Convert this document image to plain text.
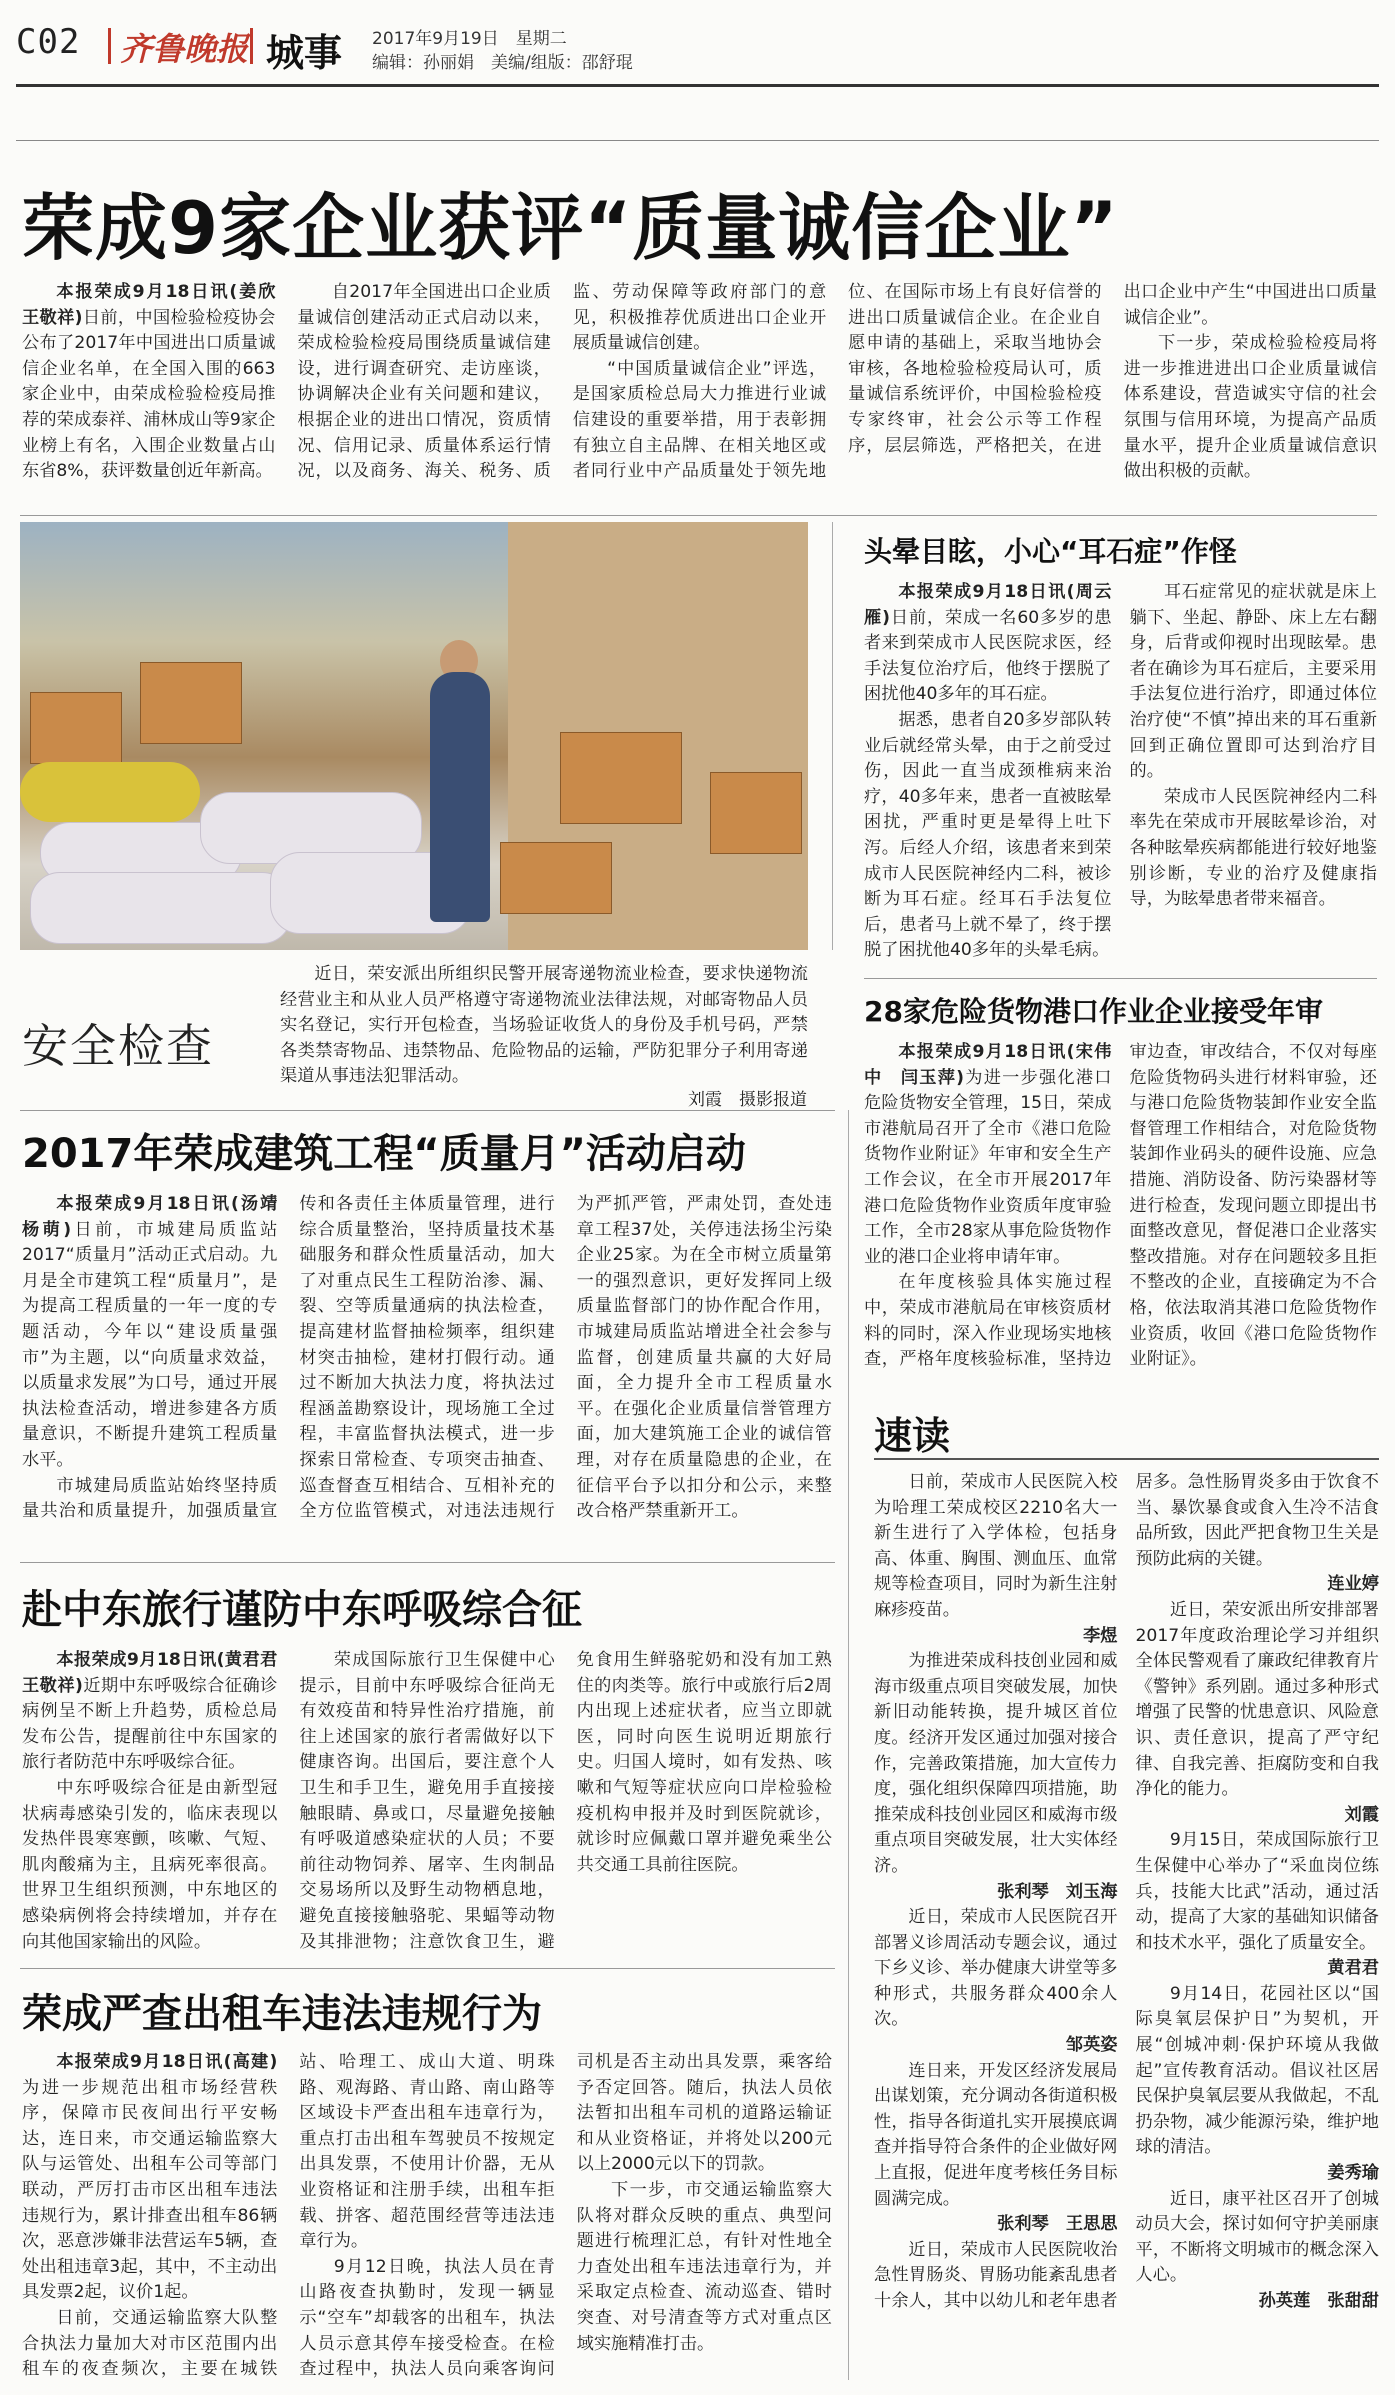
C02 齐鲁晚报 城事 2017年9月19日　星期二
编辑：孙丽娟　美编/组版：邵舒琨
荣成9家企业获评“质量诚信企业”

本报荣成9月18日讯(姜欣　王敬祥)日前，中国检验检疫协会公布了2017年中国进出口质量诚信企业名单，在全国入围的663家企业中，由荣成检验检疫局推荐的荣成泰祥、浦林成山等9家企业榜上有名，入围企业数量占山东省8%，获评数量创近年新高。

自2017年全国进出口企业质量诚信创建活动正式启动以来，荣成检验检疫局围绕质量诚信建设，进行调查研究、走访座谈，协调解决企业有关问题和建议，根据企业的进出口情况，资质情况、信用记录、质量体系运行情况，以及商务、海关、税务、质监、劳动保障等政府部门的意见，积极推荐优质进出口企业开展质量诚信创建。

“中国质量诚信企业”评选，是国家质检总局大力推进行业诚信建设的重要举措，用于表彰拥有独立自主品牌、在相关地区或者同行业中产品质量处于领先地位、在国际市场上有良好信誉的进出口质量诚信企业。在企业自愿申请的基础上，采取当地协会审核，各地检验检疫局认可，质量诚信系统评价，中国检验检疫专家终审，社会公示等工作程序，层层筛选，严格把关，在进出口企业中产生“中国进出口质量诚信企业”。

下一步，荣成检验检疫局将进一步推进进出口企业质量诚信体系建设，营造诚实守信的社会氛围与信用环境，为提高产品质量水平，提升企业质量诚信意识做出积极的贡献。

安全检查

近日，荣安派出所组织民警开展寄递物流业检查，要求快递物流经营业主和从业人员严格遵守寄递物流业法律法规，对邮寄物品人员实名登记，实行开包检查，当场验证收货人的身份及手机号码，严禁各类禁寄物品、违禁物品、危险物品的运输，严防犯罪分子利用寄递渠道从事违法犯罪活动。

刘霞　摄影报道
头晕目眩，小心“耳石症”作怪

本报荣成9月18日讯(周云雁)日前，荣成一名60多岁的患者来到荣成市人民医院求医，经手法复位治疗后，他终于摆脱了困扰他40多年的耳石症。

据悉，患者自20多岁部队转业后就经常头晕，由于之前受过伤，因此一直当成颈椎病来治疗，40多年来，患者一直被眩晕困扰，严重时更是晕得上吐下泻。后经人介绍，该患者来到荣成市人民医院神经内二科，被诊断为耳石症。经耳石手法复位后，患者马上就不晕了，终于摆脱了困扰他40多年的头晕毛病。

耳石症常见的症状就是床上躺下、坐起、静卧、床上左右翻身，后背或仰视时出现眩晕。患者在确诊为耳石症后，主要采用手法复位进行治疗，即通过体位治疗使“不慎”掉出来的耳石重新回到正确位置即可达到治疗目的。

荣成市人民医院神经内二科率先在荣成市开展眩晕诊治，对各种眩晕疾病都能进行较好地鉴别诊断，专业的治疗及健康指导，为眩晕患者带来福音。

28家危险货物港口作业企业接受年审

本报荣成9月18日讯(宋伟中　闫玉萍)为进一步强化港口危险货物安全管理，15日，荣成市港航局召开了全市《港口危险货物作业附证》年审和安全生产工作会议，在全市开展2017年港口危险货物作业资质年度审验工作，全市28家从事危险货物作业的港口企业将申请年审。

在年度核验具体实施过程中，荣成市港航局在审核资质材料的同时，深入作业现场实地核查，严格年度核验标准，坚持边审边查，审改结合，不仅对每座危险货物码头进行材料审验，还与港口危险货物装卸作业安全监督管理工作相结合，对危险货物装卸作业码头的硬件设施、应急措施、消防设备、防污染器材等进行检查，发现问题立即提出书面整改意见，督促港口企业落实整改措施。对存在问题较多且拒不整改的企业，直接确定为不合格，依法取消其港口危险货物作业资质，收回《港口危险货物作业附证》。

2017年荣成建筑工程“质量月”活动启动

本报荣成9月18日讯(汤靖　杨萌)日前，市城建局质监站2017“质量月”活动正式启动。九月是全市建筑工程“质量月”，是为提高工程质量的一年一度的专题活动，今年以“建设质量强市”为主题，以“向质量求效益，以质量求发展”为口号，通过开展执法检查活动，增进参建各方质量意识，不断提升建筑工程质量水平。

市城建局质监站始终坚持质量共治和质量提升，加强质量宣传和各责任主体质量管理，进行综合质量整治，坚持质量技术基础服务和群众性质量活动，加大了对重点民生工程防治渗、漏、裂、空等质量通病的执法检查，提高建材监督抽检频率，组织建材突击抽检，建材打假行动。通过不断加大执法力度，将执法过程涵盖勘察设计，现场施工全过程，丰富监督执法模式，进一步探索日常检查、专项突击抽查、巡查督查互相结合、互相补充的全方位监管模式，对违法违规行为严抓严管，严肃处罚，查处违章工程37处，关停违法扬尘污染企业25家。为在全市树立质量第一的强烈意识，更好发挥同上级质量监督部门的协作配合作用，市城建局质监站增进全社会参与监督，创建质量共赢的大好局面，全力提升全市工程质量水平。在强化企业质量信誉管理方面，加大建筑施工企业的诚信管理，对存在质量隐患的企业，在征信平台予以扣分和公示，来整改合格严禁重新开工。

赴中东旅行谨防中东呼吸综合征

本报荣成9月18日讯(黄君君　王敬祥)近期中东呼吸综合征确诊病例呈不断上升趋势，质检总局发布公告，提醒前往中东国家的旅行者防范中东呼吸综合征。

中东呼吸综合征是由新型冠状病毒感染引发的，临床表现以发热伴畏寒寒颤，咳嗽、气短、肌肉酸痛为主，且病死率很高。世界卫生组织预测，中东地区的感染病例将会持续增加，并存在向其他国家输出的风险。

荣成国际旅行卫生保健中心提示，目前中东呼吸综合征尚无有效疫苗和特异性治疗措施，前往上述国家的旅行者需做好以下健康咨询。出国后，要注意个人卫生和手卫生，避免用手直接接触眼睛、鼻或口，尽量避免接触有呼吸道感染症状的人员；不要前往动物饲养、屠宰、生肉制品交易场所以及野生动物栖息地，避免直接接触骆驼、果蝠等动物及其排泄物；注意饮食卫生，避免食用生鲜骆驼奶和没有加工熟住的肉类等。旅行中或旅行后2周内出现上述症状者，应当立即就医，同时向医生说明近期旅行史。归国人境时，如有发热、咳嗽和气短等症状应向口岸检验检疫机构申报并及时到医院就诊，就诊时应佩戴口罩并避免乘坐公共交通工具前往医院。

荣成严查出租车违法违规行为

本报荣成9月18日讯(高建)为进一步规范出租市场经营秩序，保障市民夜间出行平安畅达，连日来，市交通运输监察大队与运管处、出租车公司等部门联动，严厉打击市区出租车违法违规行为，累计排查出租车86辆次，恶意涉嫌非法营运车5辆，查处出租违章3起，其中，不主动出具发票2起，议价1起。

日前，交通运输监察大队整合执法力量加大对市区范围内出租车的夜查频次，主要在城铁站、哈理工、成山大道、明珠路、观海路、青山路、南山路等区域设卡严查出租车违章行为，重点打击出租车驾驶员不按规定出具发票，不使用计价器，无从业资格证和注册手续，出租车拒载、拼客、超范围经营等违法违章行为。

9月12日晚，执法人员在青山路夜查执勤时，发现一辆显示“空车”却载客的出租车，执法人员示意其停车接受检查。在检查过程中，执法人员向乘客询问司机是否主动出具发票，乘客给予否定回答。随后，执法人员依法暂扣出租车司机的道路运输证和从业资格证，并将处以200元以上2000元以下的罚款。

下一步，市交通运输监察大队将对群众反映的重点、典型问题进行梳理汇总，有针对性地全力查处出租车违法违章行为，并采取定点检查、流动巡查、错时突查、对号清查等方式对重点区域实施精准打击。

速读

日前，荣成市人民医院入校为哈理工荣成校区2210名大一新生进行了入学体检，包括身高、体重、胸围、测血压、血常规等检查项目，同时为新生注射麻疹疫苗。

李煜

为推进荣成科技创业园和威海市级重点项目突破发展，加快新旧动能转换，提升城区首位度。经济开发区通过加强对接合作，完善政策措施，加大宣传力度，强化组织保障四项措施，助推荣成科技创业园区和威海市级重点项目突破发展，壮大实体经济。

张利琴　刘玉海

近日，荣成市人民医院召开部署义诊周活动专题会议，通过下乡义诊、举办健康大讲堂等多种形式，共服务群众400余人次。

邹英姿

连日来，开发区经济发展局出谋划策，充分调动各街道积极性，指导各街道扎实开展摸底调查并指导符合条件的企业做好网上直报，促进年度考核任务目标圆满完成。

张利琴　王思思

近日，荣成市人民医院收治急性胃肠炎、胃肠功能紊乱患者十余人，其中以幼儿和老年患者居多。急性肠胃炎多由于饮食不当、暴饮暴食或食入生冷不洁食品所致，因此严把食物卫生关是预防此病的关键。

连业婷

近日，荣安派出所安排部署2017年度政治理论学习并组织全体民警观看了廉政纪律教育片《警钟》系列剧。通过多种形式增强了民警的忧患意识、风险意识、责任意识，提高了严守纪律、自我完善、拒腐防变和自我净化的能力。

刘霞

9月15日，荣成国际旅行卫生保健中心举办了“采血岗位练兵，技能大比武”活动，通过活动，提高了大家的基础知识储备和技术水平，强化了质量安全。

黄君君

9月14日，花园社区以“国际臭氧层保护日”为契机，开展“创城冲刺·保护环境从我做起”宣传教育活动。倡议社区居民保护臭氧层要从我做起，不乱扔杂物，减少能源污染，维护地球的清洁。

姜秀瑜

近日，康平社区召开了创城动员大会，探讨如何守护美丽康平，不断将文明城市的概念深入人心。

孙英莲　张甜甜
